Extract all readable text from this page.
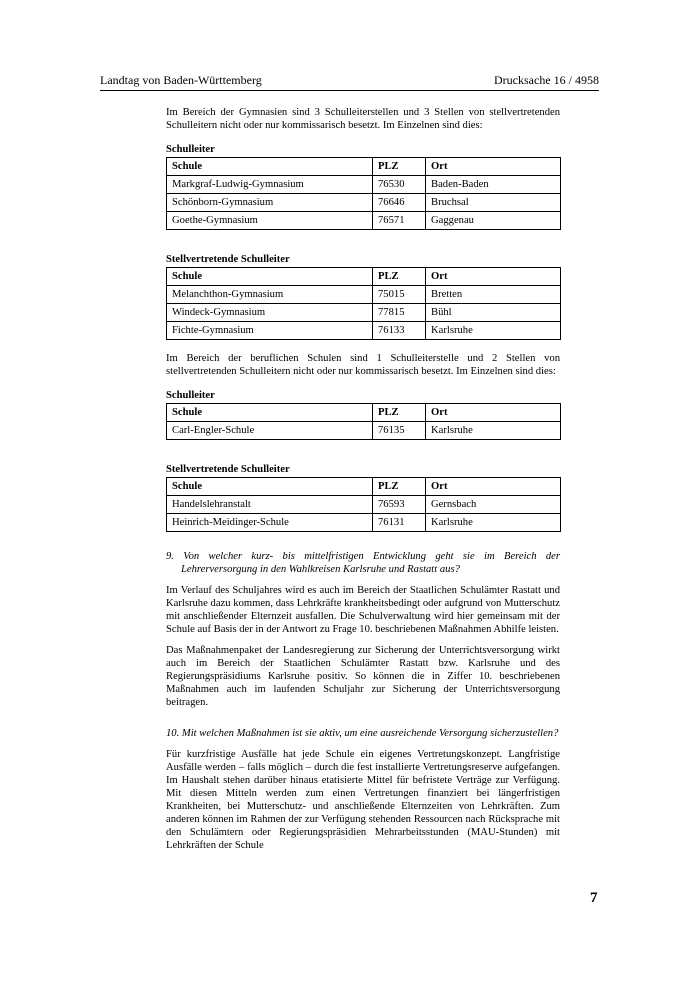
Landtag von Baden-Württemberg	Drucksache 16 / 4958

Im Bereich der Gymnasien sind 3 Schulleiterstellen und 3 Stellen von stellvertretenden Schulleitern nicht oder nur kommissarisch besetzt. Im Einzelnen sind dies:

Schulleiter
Schule	PLZ	Ort
Markgraf-Ludwig-Gymnasium	76530	Baden-Baden
Schönborn-Gymnasium	76646	Bruchsal
Goethe-Gymnasium	76571	Gaggenau
Stellvertretende Schulleiter
Schule	PLZ	Ort
Melanchthon-Gymnasium	75015	Bretten
Windeck-Gymnasium	77815	Bühl
Fichte-Gymnasium	76133	Karlsruhe

Im Bereich der beruflichen Schulen sind 1 Schulleiterstelle und 2 Stellen von stellvertretenden Schulleitern nicht oder nur kommissarisch besetzt. Im Einzelnen sind dies:

Schulleiter
Schule	PLZ	Ort
Carl-Engler-Schule	76135	Karlsruhe
Stellvertretende Schulleiter
Schule	PLZ	Ort
Handelslehranstalt	76593	Gernsbach
Heinrich-Meidinger-Schule	76131	Karlsruhe

9. Von welcher kurz- bis mittelfristigen Entwicklung geht sie im Bereich der Lehrerversorgung in den Wahlkreisen Karlsruhe und Rastatt aus?

Im Verlauf des Schuljahres wird es auch im Bereich der Staatlichen Schulämter Rastatt und Karlsruhe dazu kommen, dass Lehrkräfte krankheitsbedingt oder aufgrund von Mutterschutz mit anschließender Elternzeit ausfallen. Die Schulverwaltung wird hier gemeinsam mit der Schule auf Basis der in der Antwort zu Frage 10. beschriebenen Maßnahmen Abhilfe leisten.

Das Maßnahmenpaket der Landesregierung zur Sicherung der Unterrichtsversorgung wirkt auch im Bereich der Staatlichen Schulämter Rastatt bzw. Karlsruhe und des Regierungspräsidiums Karlsruhe positiv. So können die in Ziffer 10. beschriebenen Maßnahmen auch im laufenden Schuljahr zur Sicherung der Unterrichtsversorgung beitragen.

10. Mit welchen Maßnahmen ist sie aktiv, um eine ausreichende Versorgung sicherzustellen?

Für kurzfristige Ausfälle hat jede Schule ein eigenes Vertretungskonzept. Langfristige Ausfälle werden – falls möglich – durch die fest installierte Vertretungsreserve aufgefangen. Im Haushalt stehen darüber hinaus etatisierte Mittel für befristete Verträge zur Verfügung. Mit diesen Mitteln werden zum einen Vertretungen finanziert bei längerfristigen Krankheiten, bei Mutterschutz- und anschließende Elternzeiten von Lehrkräften. Zum anderen können im Rahmen der zur Verfügung stehenden Ressourcen nach Rücksprache mit den Schulämtern oder Regierungspräsidien Mehrarbeitsstunden (MAU-Stunden) mit Lehrkräften der Schule

7
